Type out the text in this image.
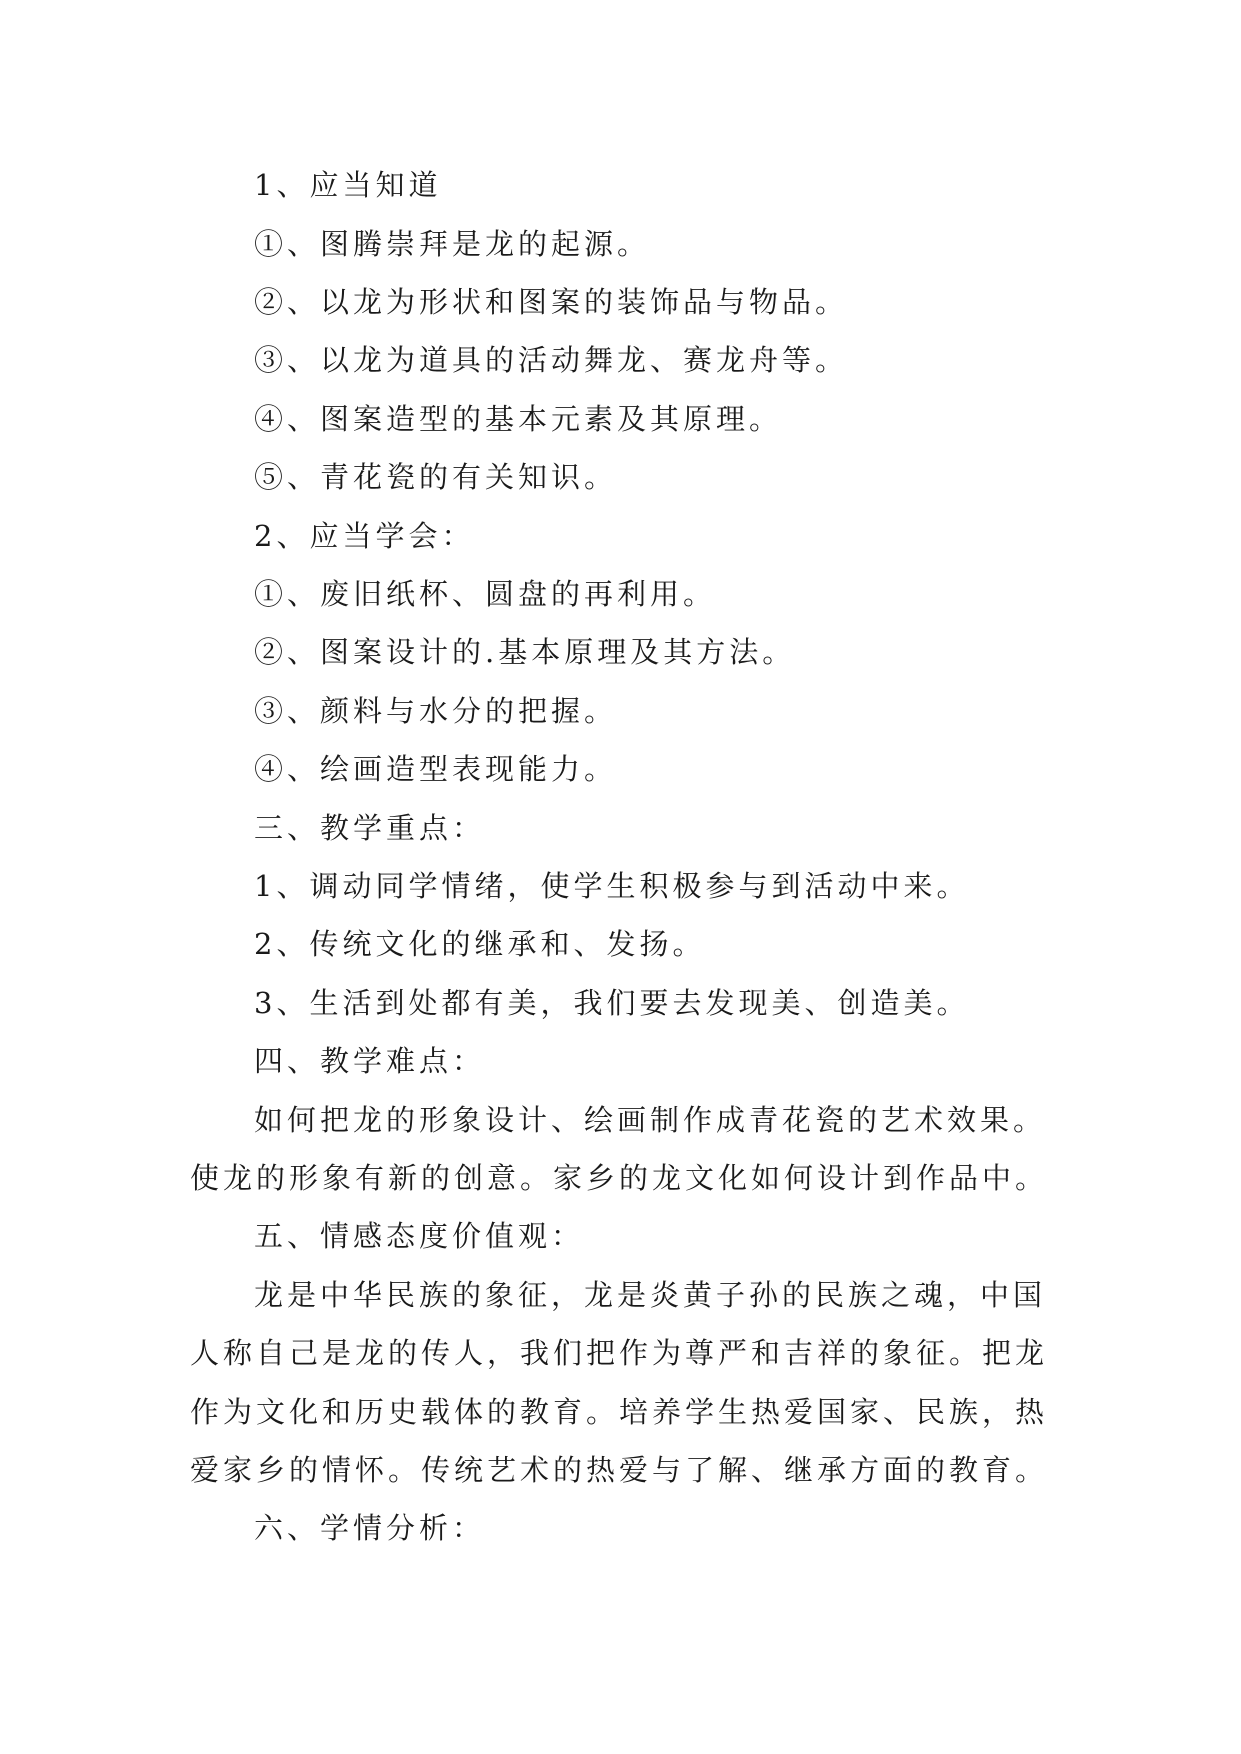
1、应当知道
①、图腾崇拜是龙的起源。
②、以龙为形状和图案的装饰品与物品。
③、以龙为道具的活动舞龙、赛龙舟等。
④、图案造型的基本元素及其原理。
⑤、青花瓷的有关知识。
2、应当学会：
①、废旧纸杯、圆盘的再利用。
②、图案设计的.基本原理及其方法。
③、颜料与水分的把握。
④、绘画造型表现能力。
三、教学重点：
1、调动同学情绪，使学生积极参与到活动中来。
2、传统文化的继承和、发扬。
3、生活到处都有美，我们要去发现美、创造美。
四、教学难点：
如何把龙的形象设计、绘画制作成青花瓷的艺术效果。
使龙的形象有新的创意。家乡的龙文化如何设计到作品中。
五、情感态度价值观：
龙是中华民族的象征，龙是炎黄子孙的民族之魂，中国
人称自己是龙的传人，我们把作为尊严和吉祥的象征。把龙
作为文化和历史载体的教育。培养学生热爱国家、民族，热
爱家乡的情怀。传统艺术的热爱与了解、继承方面的教育。
六、学情分析：
